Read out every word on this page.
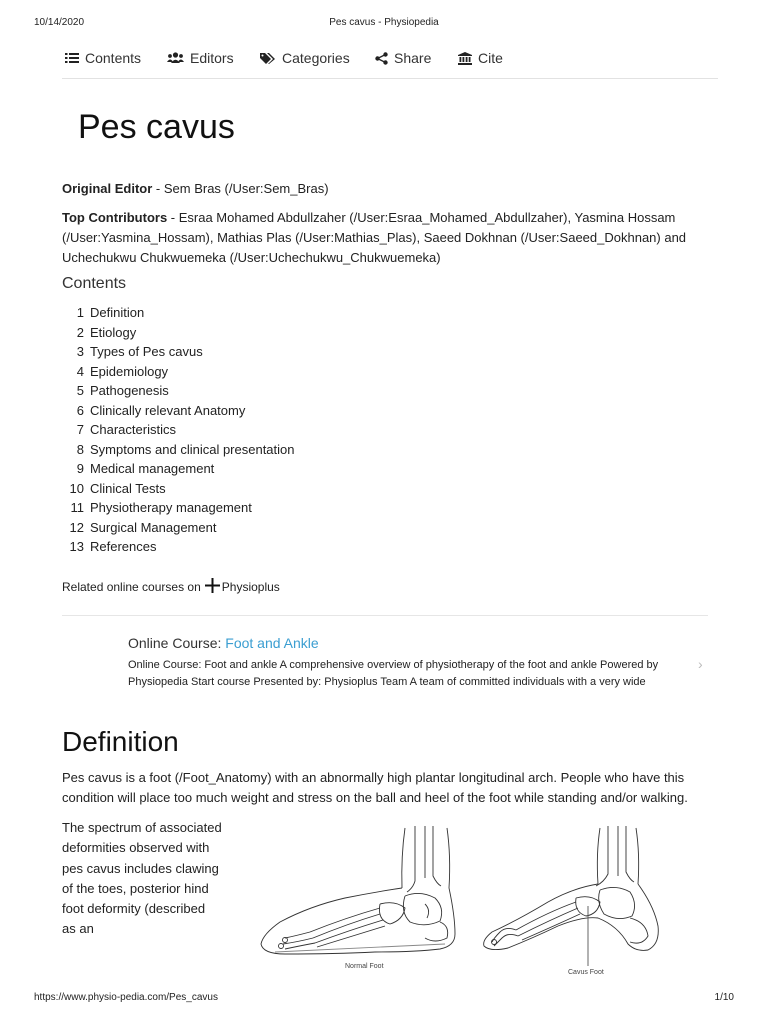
10/14/2020	Pes cavus - Physiopedia
Contents	Editors	Categories	Share	Cite
Pes cavus
Original Editor - Sem Bras (/User:Sem_Bras)
Top Contributors - Esraa Mohamed Abdullzaher (/User:Esraa_Mohamed_Abdullzaher), Yasmina Hossam (/User:Yasmina_Hossam), Mathias Plas (/User:Mathias_Plas), Saeed Dokhnan (/User:Saeed_Dokhnan) and Uchechukwu Chukwuemeka (/User:Uchechukwu_Chukwuemeka)
Contents
1 Definition
2 Etiology
3 Types of Pes cavus
4 Epidemiology
5 Pathogenesis
6 Clinically relevant Anatomy
7 Characteristics
8 Symptoms and clinical presentation
9 Medical management
10 Clinical Tests
11 Physiotherapy management
12 Surgical Management
13 References
Related online courses on Physioplus

Online Course: Foot and Ankle

Online Course: Foot and ankle A comprehensive overview of physiotherapy of the foot and ankle Powered by Physiopedia Start course Presented by: Physioplus Team A team of committed individuals with a very wide
›
Definition
Pes cavus is a foot (/Foot_Anatomy) with an abnormally high plantar longitudinal arch. People who have this condition will place too much weight and stress on the ball and heel of the foot while standing and/or walking.
The spectrum of associated deformities observed with pes cavus includes clawing of the toes, posterior hind foot deformity (described as an
Normal Foot
Cavus Foot
https://www.physio-pedia.com/Pes_cavus	1/10
